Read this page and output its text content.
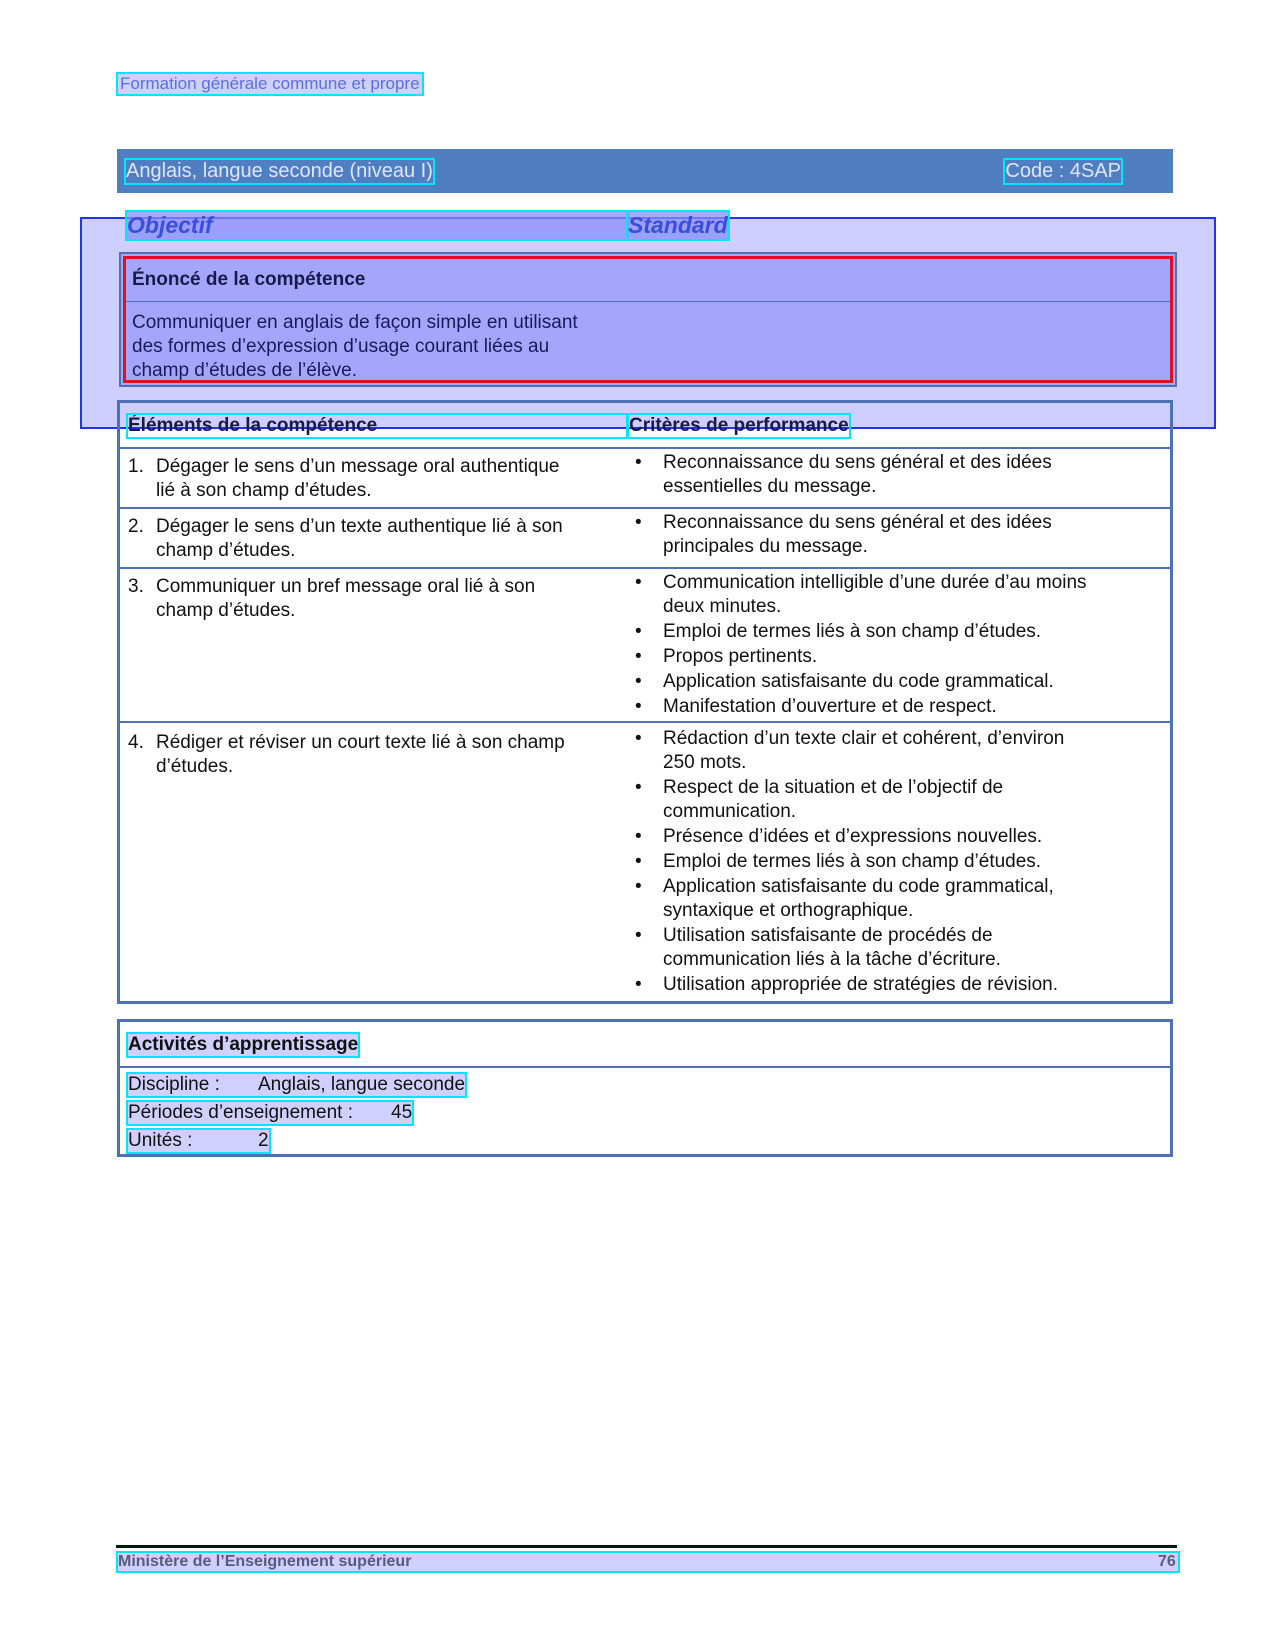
Formation générale commune et propre
Anglais, langue seconde (niveau I)	Code : 4SAP
Objectif	Standard
Énoncé de la compétence
Communiquer en anglais de façon simple en utilisant
des formes d’expression d’usage courant liées au
champ d’études de l’élève.
Éléments de la compétence	Critères de performance
1. Dégager le sens d’un message oral authentique
lié à son champ d’études.
• Reconnaissance du sens général et des idées
essentielles du message.
2. Dégager le sens d’un texte authentique lié à son
champ d’études.
• Reconnaissance du sens général et des idées
principales du message.
3. Communiquer un bref message oral lié à son
champ d’études.
• Communication intelligible d’une durée d’au moins
deux minutes.
• Emploi de termes liés à son champ d’études.
• Propos pertinents.
• Application satisfaisante du code grammatical.
• Manifestation d’ouverture et de respect.
4. Rédiger et réviser un court texte lié à son champ
d’études.
• Rédaction d’un texte clair et cohérent, d’environ
250 mots.
• Respect de la situation et de l’objectif de
communication.
• Présence d’idées et d’expressions nouvelles.
• Emploi de termes liés à son champ d’études.
• Application satisfaisante du code grammatical,
syntaxique et orthographique.
• Utilisation satisfaisante de procédés de
communication liés à la tâche d’écriture.
• Utilisation appropriée de stratégies de révision.
Activités d’apprentissage
Discipline : Anglais, langue seconde
Périodes d’enseignement : 45
Unités :	2
Ministère de l’Enseignement supérieur	76
